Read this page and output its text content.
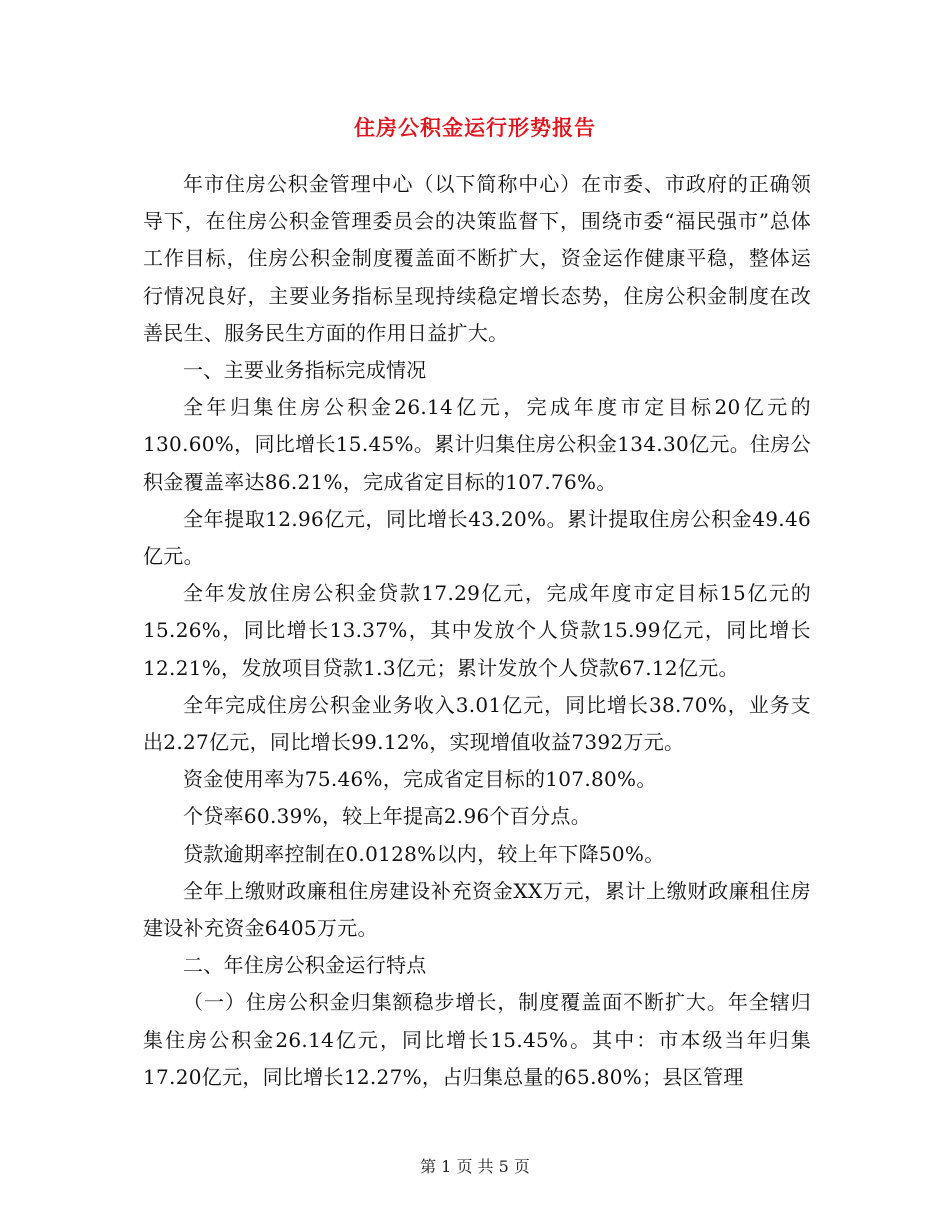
住房公积金运行形势报告

年市住房公积金管理中心（以下简称中心）在市委、市政府的正确领导下，在住房公积金管理委员会的决策监督下，围绕市委“福民强市”总体工作目标，住房公积金制度覆盖面不断扩大，资金运作健康平稳，整体运行情况良好，主要业务指标呈现持续稳定增长态势，住房公积金制度在改善民生、服务民生方面的作用日益扩大。

一、主要业务指标完成情况

全年归集住房公积金26.14亿元，完成年度市定目标20亿元的130.60%，同比增长15.45%。累计归集住房公积金134.30亿元。住房公积金覆盖率达86.21%，完成省定目标的107.76%。

全年提取12.96亿元，同比增长43.20%。累计提取住房公积金49.46亿元。

全年发放住房公积金贷款17.29亿元，完成年度市定目标15亿元的15.26%，同比增长13.37%，其中发放个人贷款15.99亿元，同比增长12.21%，发放项目贷款1.3亿元；累计发放个人贷款67.12亿元。

全年完成住房公积金业务收入3.01亿元，同比增长38.70%，业务支出2.27亿元，同比增长99.12%，实现增值收益7392万元。

资金使用率为75.46%，完成省定目标的107.80%。

个贷率60.39%，较上年提高2.96个百分点。

贷款逾期率控制在0.0128%以内，较上年下降50%。

全年上缴财政廉租住房建设补充资金XX万元，累计上缴财政廉租住房建设补充资金6405万元。

二、年住房公积金运行特点

（一）住房公积金归集额稳步增长，制度覆盖面不断扩大。年全辖归集住房公积金26.14亿元，同比增长15.45%。其中：市本级当年归集17.20亿元，同比增长12.27%，占归集总量的65.80%；县区管理

第 1 页 共 5 页
